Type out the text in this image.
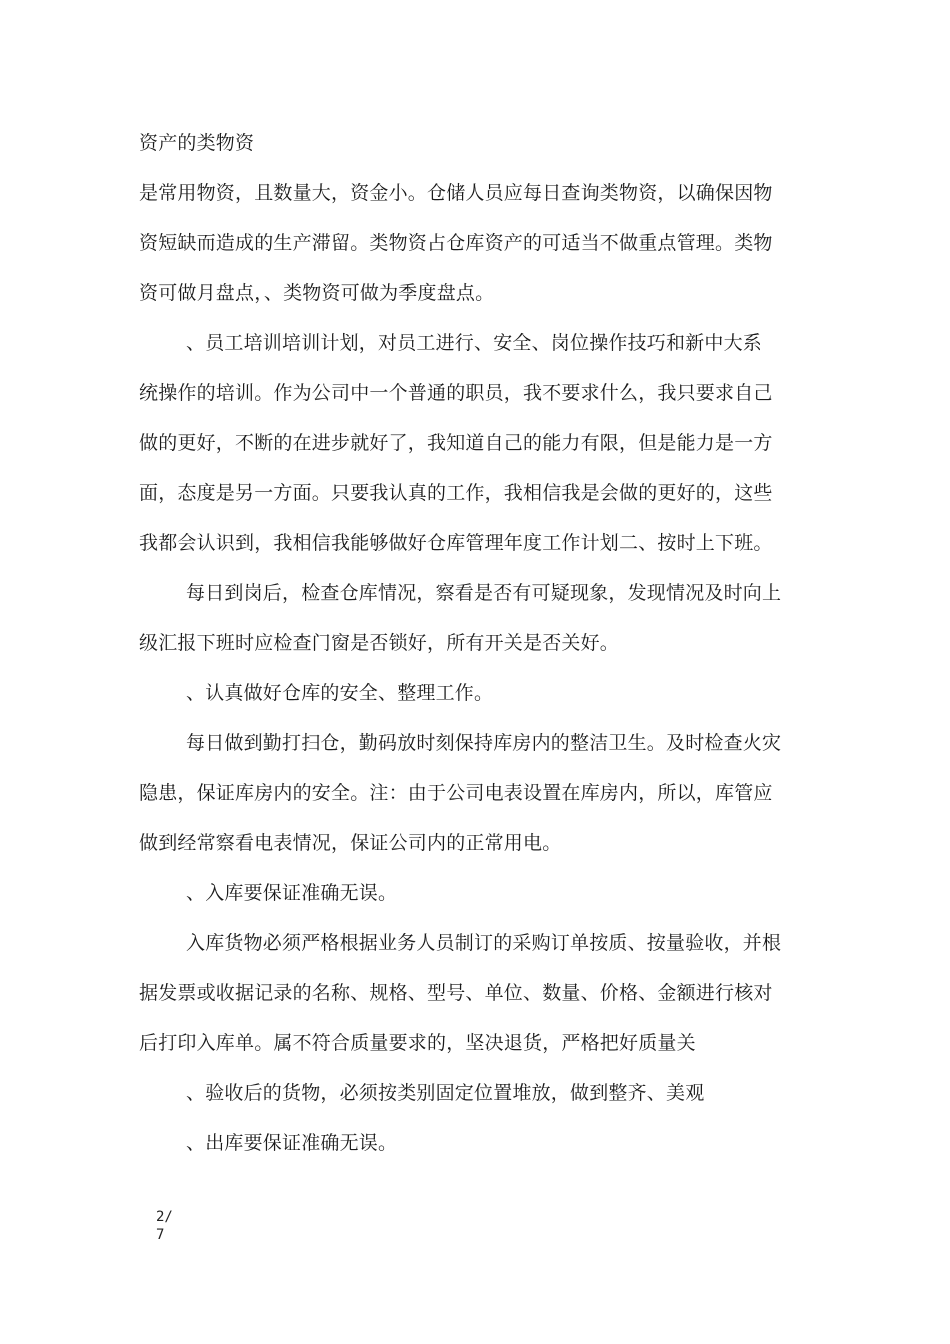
资产的类物资
是常用物资，且数量大，资金小。仓储人员应每日查询类物资，以确保因物
资短缺而造成的生产滞留。类物资占仓库资产的可适当不做重点管理。类物
资可做月盘点，、类物资可做为季度盘点。
、员工培训培训计划，对员工进行、安全、岗位操作技巧和新中大系
统操作的培训。作为公司中一个普通的职员，我不要求什么，我只要求自己
做的更好，不断的在进步就好了，我知道自己的能力有限，但是能力是一方
面，态度是另一方面。只要我认真的工作，我相信我是会做的更好的，这些
我都会认识到，我相信我能够做好仓库管理年度工作计划二、按时上下班。
每日到岗后，检查仓库情况，察看是否有可疑现象，发现情况及时向上
级汇报下班时应检查门窗是否锁好，所有开关是否关好。
、认真做好仓库的安全、整理工作。
每日做到勤打扫仓，勤码放时刻保持库房内的整洁卫生。及时检查火灾
隐患，保证库房内的安全。注：由于公司电表设置在库房内，所以，库管应
做到经常察看电表情况，保证公司内的正常用电。
、入库要保证准确无误。
入库货物必须严格根据业务人员制订的采购订单按质、按量验收，并根
据发票或收据记录的名称、规格、型号、单位、数量、价格、金额进行核对
后打印入库单。属不符合质量要求的，坚决退货，严格把好质量关
、验收后的货物，必须按类别固定位置堆放，做到整齐、美观
、出库要保证准确无误。
2/
7
